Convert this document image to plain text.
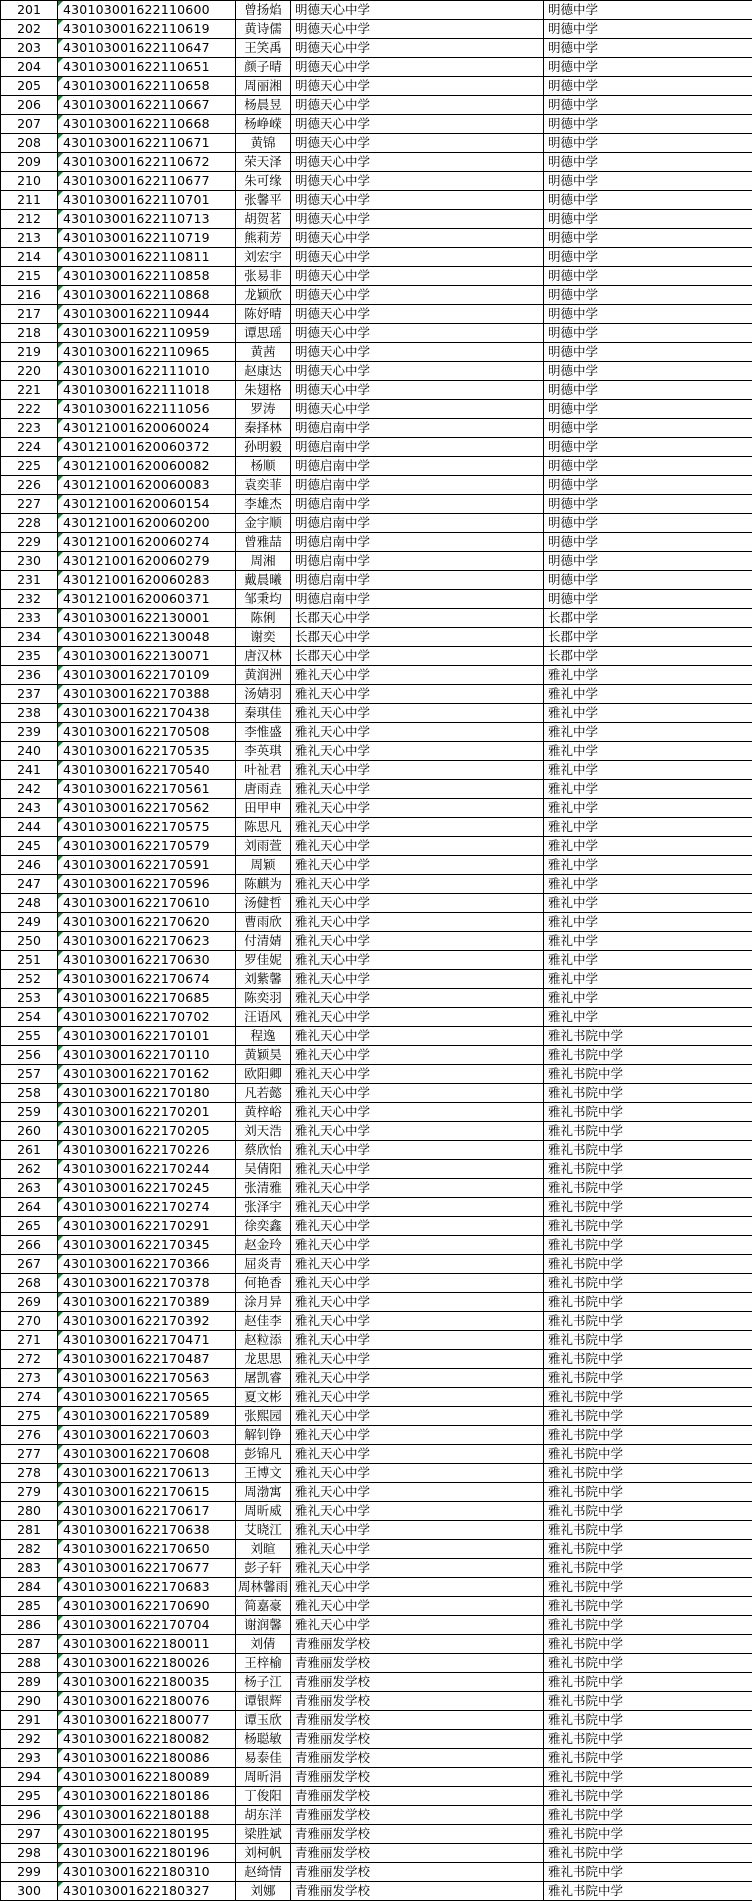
201	430103001622110600	曾扬焰	明德天心中学	明德中学
202	430103001622110619	黄诗儒	明德天心中学	明德中学
203	430103001622110647	王笑禹	明德天心中学	明德中学
204	430103001622110651	颜子晴	明德天心中学	明德中学
205	430103001622110658	周丽湘	明德天心中学	明德中学
206	430103001622110667	杨晨昱	明德天心中学	明德中学
207	430103001622110668	杨峥嵘	明德天心中学	明德中学
208	430103001622110671	黄锦	明德天心中学	明德中学
209	430103001622110672	荣天泽	明德天心中学	明德中学
210	430103001622110677	朱可缘	明德天心中学	明德中学
211	430103001622110701	张馨平	明德天心中学	明德中学
212	430103001622110713	胡贺茗	明德天心中学	明德中学
213	430103001622110719	熊莉芳	明德天心中学	明德中学
214	430103001622110811	刘宏宇	明德天心中学	明德中学
215	430103001622110858	张易非	明德天心中学	明德中学
216	430103001622110868	龙颖欣	明德天心中学	明德中学
217	430103001622110944	陈妤晴	明德天心中学	明德中学
218	430103001622110959	谭思瑶	明德天心中学	明德中学
219	430103001622110965	黄茜	明德天心中学	明德中学
220	430103001622111010	赵康达	明德天心中学	明德中学
221	430103001622111018	朱翅格	明德天心中学	明德中学
222	430103001622111056	罗涛	明德天心中学	明德中学
223	430121001620060024	秦择林	明德启南中学	明德中学
224	430121001620060372	孙明毅	明德启南中学	明德中学
225	430121001620060082	杨顺	明德启南中学	明德中学
226	430121001620060083	袁奕菲	明德启南中学	明德中学
227	430121001620060154	李雄杰	明德启南中学	明德中学
228	430121001620060200	金宇顺	明德启南中学	明德中学
229	430121001620060274	曾雅喆	明德启南中学	明德中学
230	430121001620060279	周湘	明德启南中学	明德中学
231	430121001620060283	戴晨曦	明德启南中学	明德中学
232	430121001620060371	邹秉均	明德启南中学	明德中学
233	430103001622130001	陈俐	长郡天心中学	长郡中学
234	430103001622130048	谢奕	长郡天心中学	长郡中学
235	430103001622130071	唐汉林	长郡天心中学	长郡中学
236	430103001622170109	黄润洲	雅礼天心中学	雅礼中学
237	430103001622170388	汤婧羽	雅礼天心中学	雅礼中学
238	430103001622170438	秦琪佳	雅礼天心中学	雅礼中学
239	430103001622170508	李惟盛	雅礼天心中学	雅礼中学
240	430103001622170535	李英琪	雅礼天心中学	雅礼中学
241	430103001622170540	叶祉君	雅礼天心中学	雅礼中学
242	430103001622170561	唐雨垚	雅礼天心中学	雅礼中学
243	430103001622170562	田甲申	雅礼天心中学	雅礼中学
244	430103001622170575	陈思凡	雅礼天心中学	雅礼中学
245	430103001622170579	刘雨萱	雅礼天心中学	雅礼中学
246	430103001622170591	周颖	雅礼天心中学	雅礼中学
247	430103001622170596	陈麒为	雅礼天心中学	雅礼中学
248	430103001622170610	汤健哲	雅礼天心中学	雅礼中学
249	430103001622170620	曹雨欣	雅礼天心中学	雅礼中学
250	430103001622170623	付清婧	雅礼天心中学	雅礼中学
251	430103001622170630	罗佳妮	雅礼天心中学	雅礼中学
252	430103001622170674	刘紫馨	雅礼天心中学	雅礼中学
253	430103001622170685	陈奕羽	雅礼天心中学	雅礼中学
254	430103001622170702	汪语风	雅礼天心中学	雅礼中学
255	430103001622170101	程逸	雅礼天心中学	雅礼书院中学
256	430103001622170110	黄颖昊	雅礼天心中学	雅礼书院中学
257	430103001622170162	欧阳卿	雅礼天心中学	雅礼书院中学
258	430103001622170180	凡若懿	雅礼天心中学	雅礼书院中学
259	430103001622170201	黄梓峪	雅礼天心中学	雅礼书院中学
260	430103001622170205	刘天浩	雅礼天心中学	雅礼书院中学
261	430103001622170226	蔡欣怡	雅礼天心中学	雅礼书院中学
262	430103001622170244	吴倩阳	雅礼天心中学	雅礼书院中学
263	430103001622170245	张清雅	雅礼天心中学	雅礼书院中学
264	430103001622170274	张泽宇	雅礼天心中学	雅礼书院中学
265	430103001622170291	徐奕鑫	雅礼天心中学	雅礼书院中学
266	430103001622170345	赵金玲	雅礼天心中学	雅礼书院中学
267	430103001622170366	屈炎青	雅礼天心中学	雅礼书院中学
268	430103001622170378	何艳香	雅礼天心中学	雅礼书院中学
269	430103001622170389	涂月异	雅礼天心中学	雅礼书院中学
270	430103001622170392	赵佳李	雅礼天心中学	雅礼书院中学
271	430103001622170471	赵粒添	雅礼天心中学	雅礼书院中学
272	430103001622170487	龙思思	雅礼天心中学	雅礼书院中学
273	430103001622170563	屠凯睿	雅礼天心中学	雅礼书院中学
274	430103001622170565	夏文彬	雅礼天心中学	雅礼书院中学
275	430103001622170589	张熙园	雅礼天心中学	雅礼书院中学
276	430103001622170603	解钊铮	雅礼天心中学	雅礼书院中学
277	430103001622170608	彭锦凡	雅礼天心中学	雅礼书院中学
278	430103001622170613	王博文	雅礼天心中学	雅礼书院中学
279	430103001622170615	周渤寓	雅礼天心中学	雅礼书院中学
280	430103001622170617	周昕威	雅礼天心中学	雅礼书院中学
281	430103001622170638	艾晓江	雅礼天心中学	雅礼书院中学
282	430103001622170650	刘暄	雅礼天心中学	雅礼书院中学
283	430103001622170677	彭子轩	雅礼天心中学	雅礼书院中学
284	430103001622170683	周林馨雨	雅礼天心中学	雅礼书院中学
285	430103001622170690	简嘉豪	雅礼天心中学	雅礼书院中学
286	430103001622170704	谢润馨	雅礼天心中学	雅礼书院中学
287	430103001622180011	刘倩	青雅丽发学校	雅礼书院中学
288	430103001622180026	王梓榆	青雅丽发学校	雅礼书院中学
289	430103001622180035	杨子江	青雅丽发学校	雅礼书院中学
290	430103001622180076	谭银辉	青雅丽发学校	雅礼书院中学
291	430103001622180077	谭玉欣	青雅丽发学校	雅礼书院中学
292	430103001622180082	杨聪敏	青雅丽发学校	雅礼书院中学
293	430103001622180086	易泰佳	青雅丽发学校	雅礼书院中学
294	430103001622180089	周昕涓	青雅丽发学校	雅礼书院中学
295	430103001622180186	丁俊阳	青雅丽发学校	雅礼书院中学
296	430103001622180188	胡东洋	青雅丽发学校	雅礼书院中学
297	430103001622180195	梁胜斌	青雅丽发学校	雅礼书院中学
298	430103001622180196	刘柯帆	青雅丽发学校	雅礼书院中学
299	430103001622180310	赵绮情	青雅丽发学校	雅礼书院中学
300	430103001622180327	刘娜	青雅丽发学校	雅礼书院中学
